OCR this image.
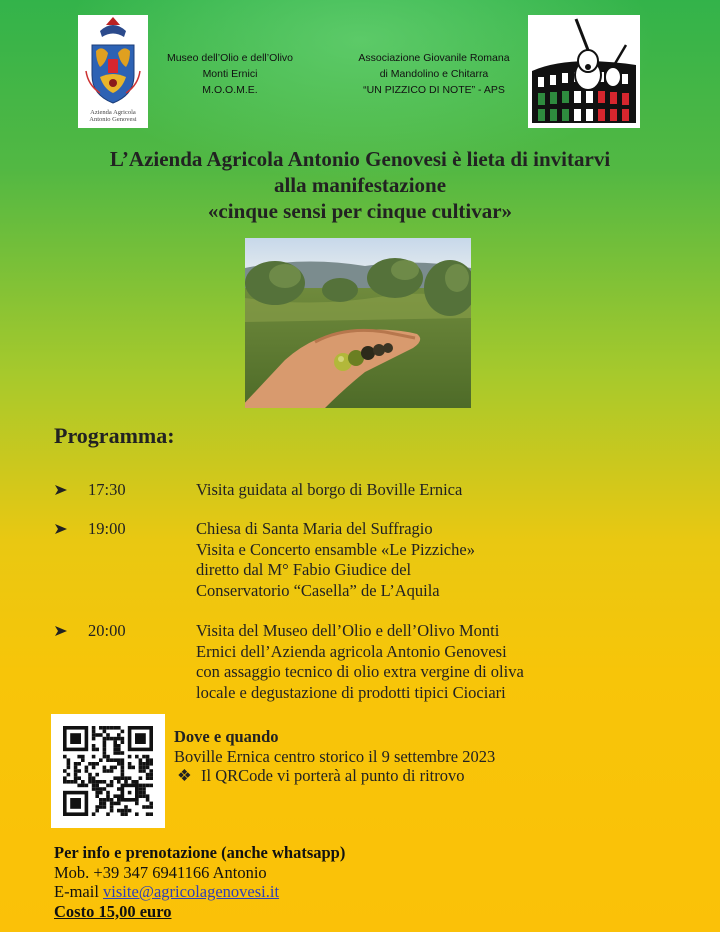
Azienda Agricola
Antonio Genovesi
Museo dell’Olio e dell’Olivo
Monti Ernici
M.O.O.M.E.
Associazione Giovanile Romana
di Mandolino e Chitarra
“UN PIZZICO DI NOTE” - APS
L’Azienda Agricola Antonio Genovesi è lieta di invitarvi
alla manifestazione
«cinque sensi per cinque cultivar»
Programma:
17:30	Visita guidata al borgo di Boville Ernica
19:00	Chiesa di Santa Maria del Suffragio
Visita e Concerto ensamble «Le Pizziche»
diretto dal M° Fabio Giudice del
Conservatorio “Casella” de L’Aquila
20:00	Visita del Museo dell’Olio e dell’Olivo Monti
Ernici dell’Azienda agricola Antonio Genovesi
con assaggio tecnico di olio extra vergine di oliva
locale e degustazione di prodotti tipici Ciociari
Dove e quando
Boville Ernica centro storico il 9 settembre 2023
❖ Il QRCode vi porterà al punto di ritrovo
Per info e prenotazione (anche whatsapp)
Mob. +39 347 6941166 Antonio
E-mail visite@agricolagenovesi.it
Costo 15,00 euro
